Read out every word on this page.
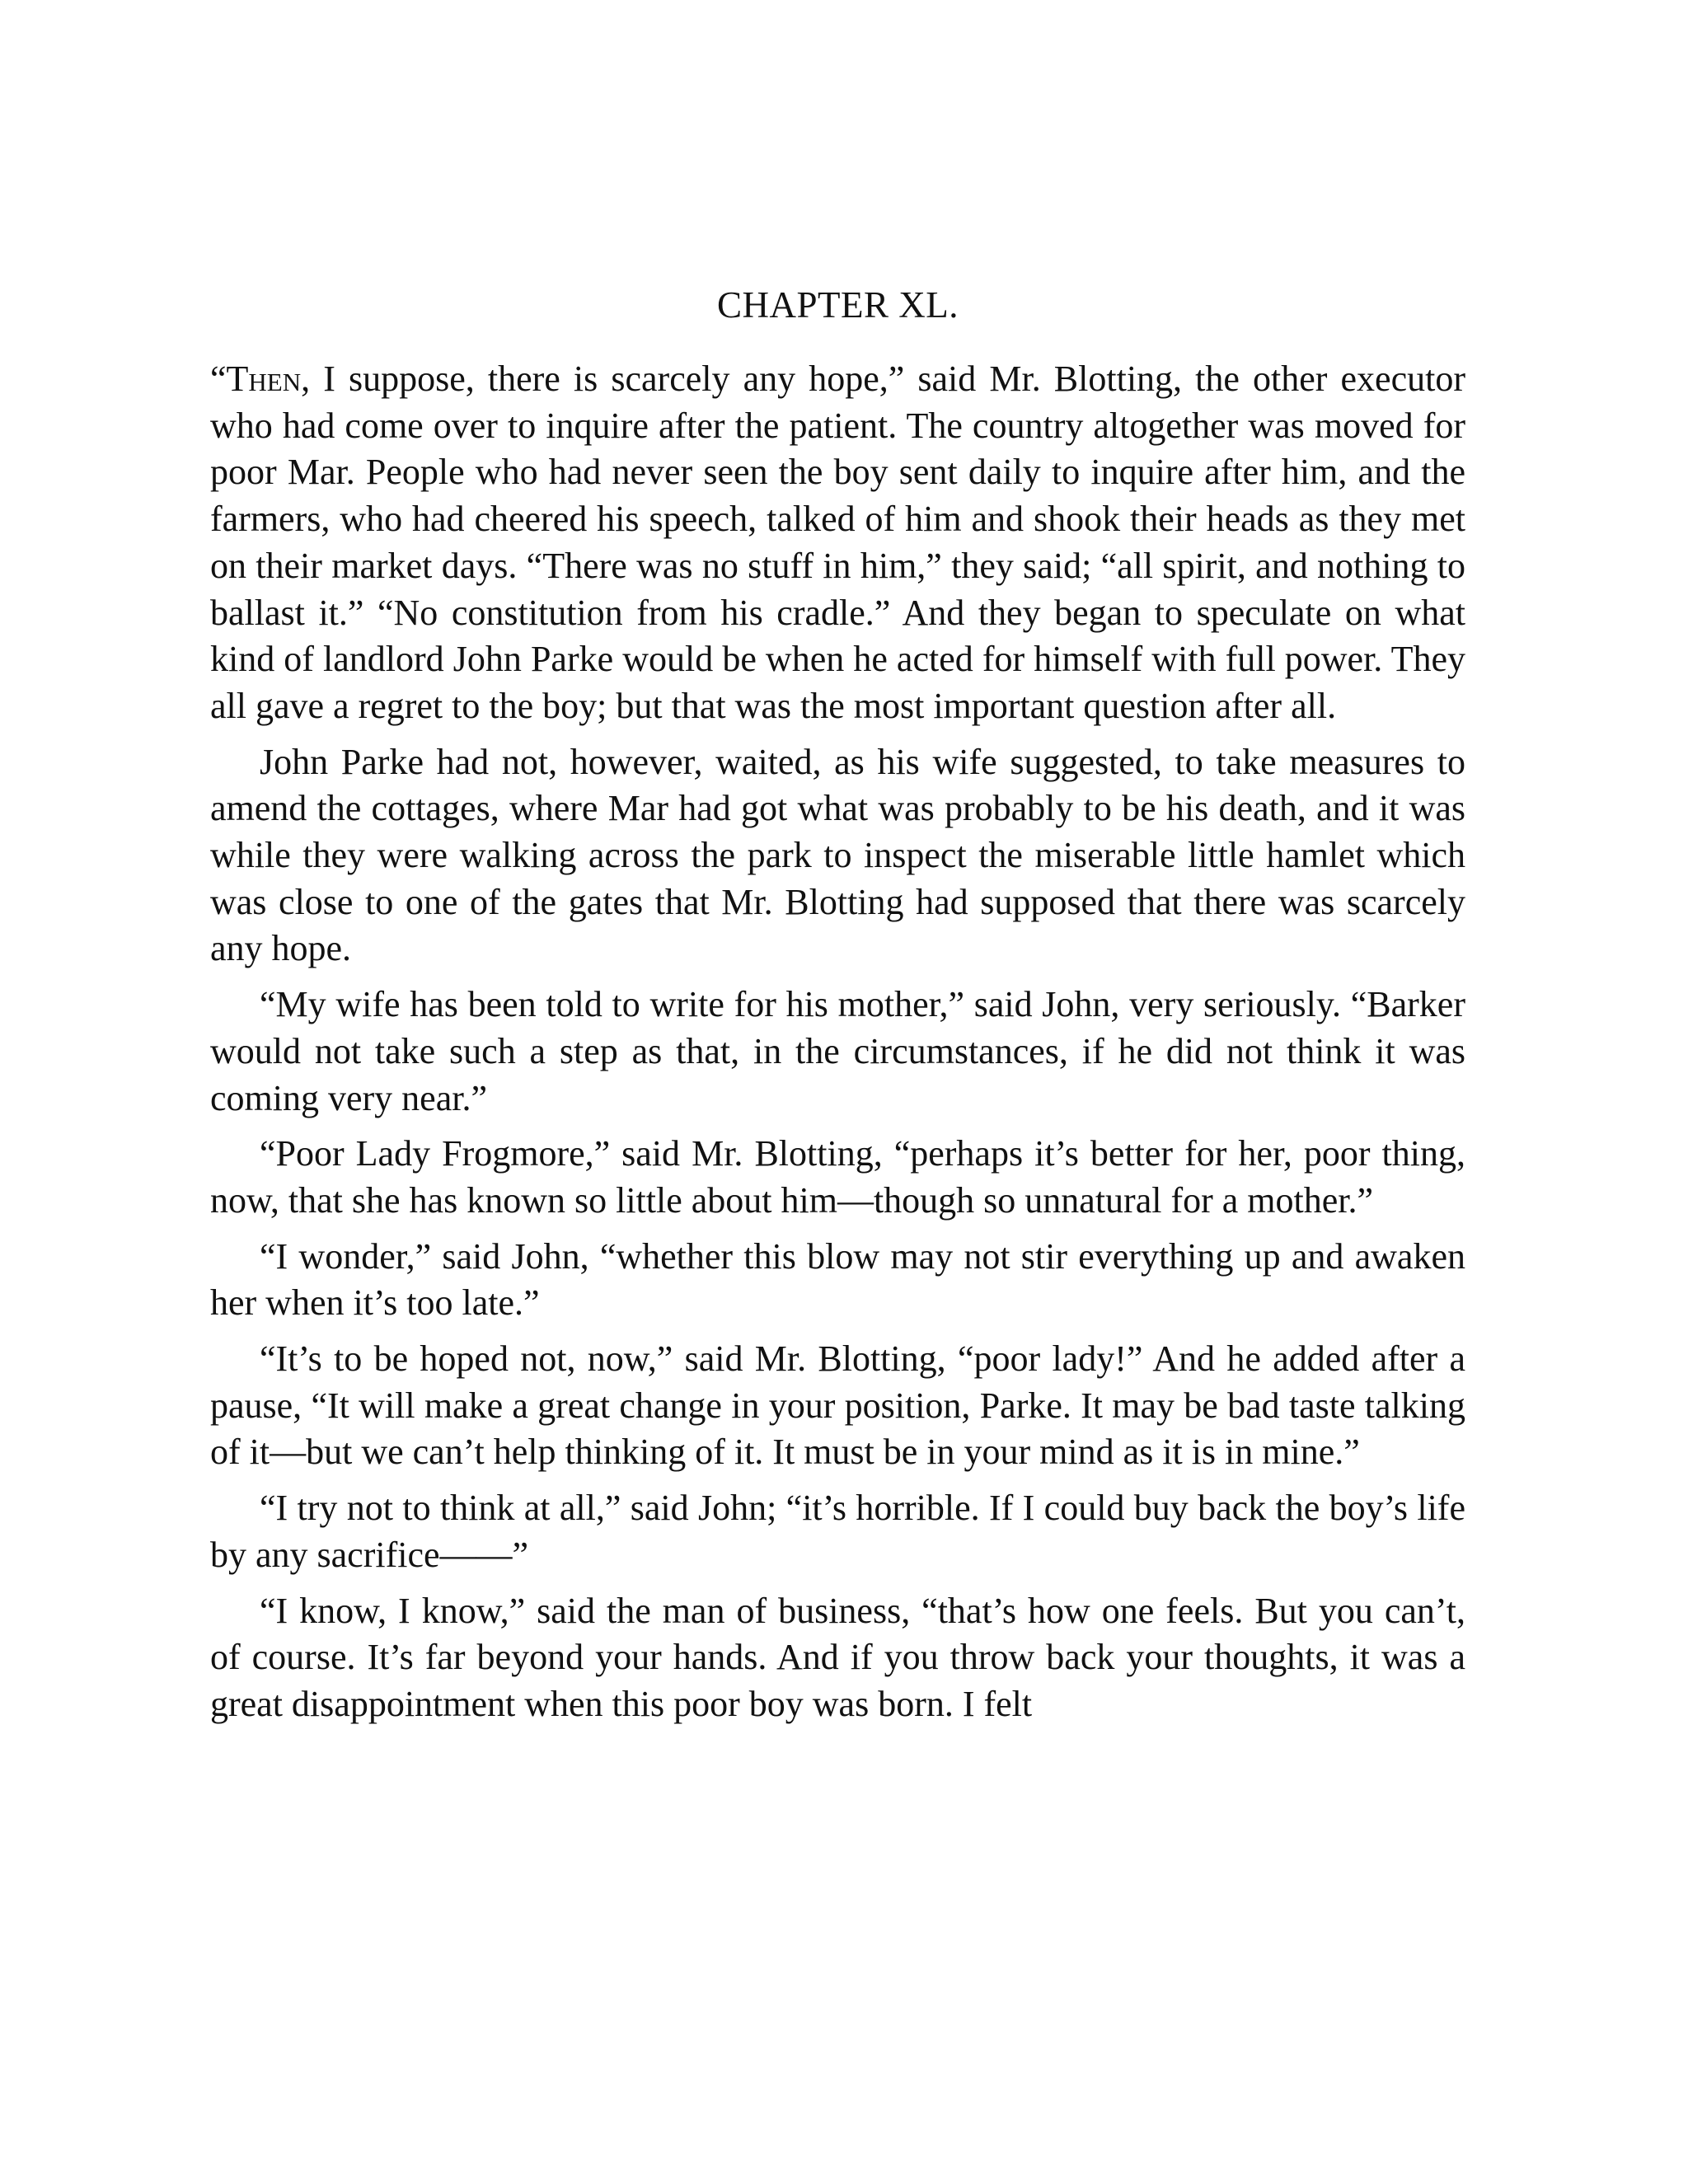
CHAPTER XL.

“Then, I suppose, there is scarcely any hope,” said Mr. Blotting, the other executor who had come over to inquire after the patient. The country altogether was moved for poor Mar. People who had never seen the boy sent daily to inquire after him, and the farmers, who had cheered his speech, talked of him and shook their heads as they met on their market days. “There was no stuff in him,” they said; “all spirit, and nothing to ballast it.” “No constitution from his cradle.” And they began to speculate on what kind of landlord John Parke would be when he acted for himself with full power. They all gave a regret to the boy; but that was the most important question after all.

John Parke had not, however, waited, as his wife suggested, to take measures to amend the cottages, where Mar had got what was probably to be his death, and it was while they were walking across the park to inspect the miserable little hamlet which was close to one of the gates that Mr. Blotting had supposed that there was scarcely any hope.

“My wife has been told to write for his mother,” said John, very seriously. “Barker would not take such a step as that, in the circumstances, if he did not think it was coming very near.”

“Poor Lady Frogmore,” said Mr. Blotting, “perhaps it’s better for her, poor thing, now, that she has known so little about him—though so unnatural for a mother.”

“I wonder,” said John, “whether this blow may not stir everything up and awaken her when it’s too late.”

“It’s to be hoped not, now,” said Mr. Blotting, “poor lady!” And he added after a pause, “It will make a great change in your position, Parke. It may be bad taste talking of it—but we can’t help thinking of it. It must be in your mind as it is in mine.”

“I try not to think at all,” said John; “it’s horrible. If I could buy back the boy’s life by any sacrifice——”

“I know, I know,” said the man of business, “that’s how one feels. But you can’t, of course. It’s far beyond your hands. And if you throw back your thoughts, it was a great disappointment when this poor boy was born. I felt
